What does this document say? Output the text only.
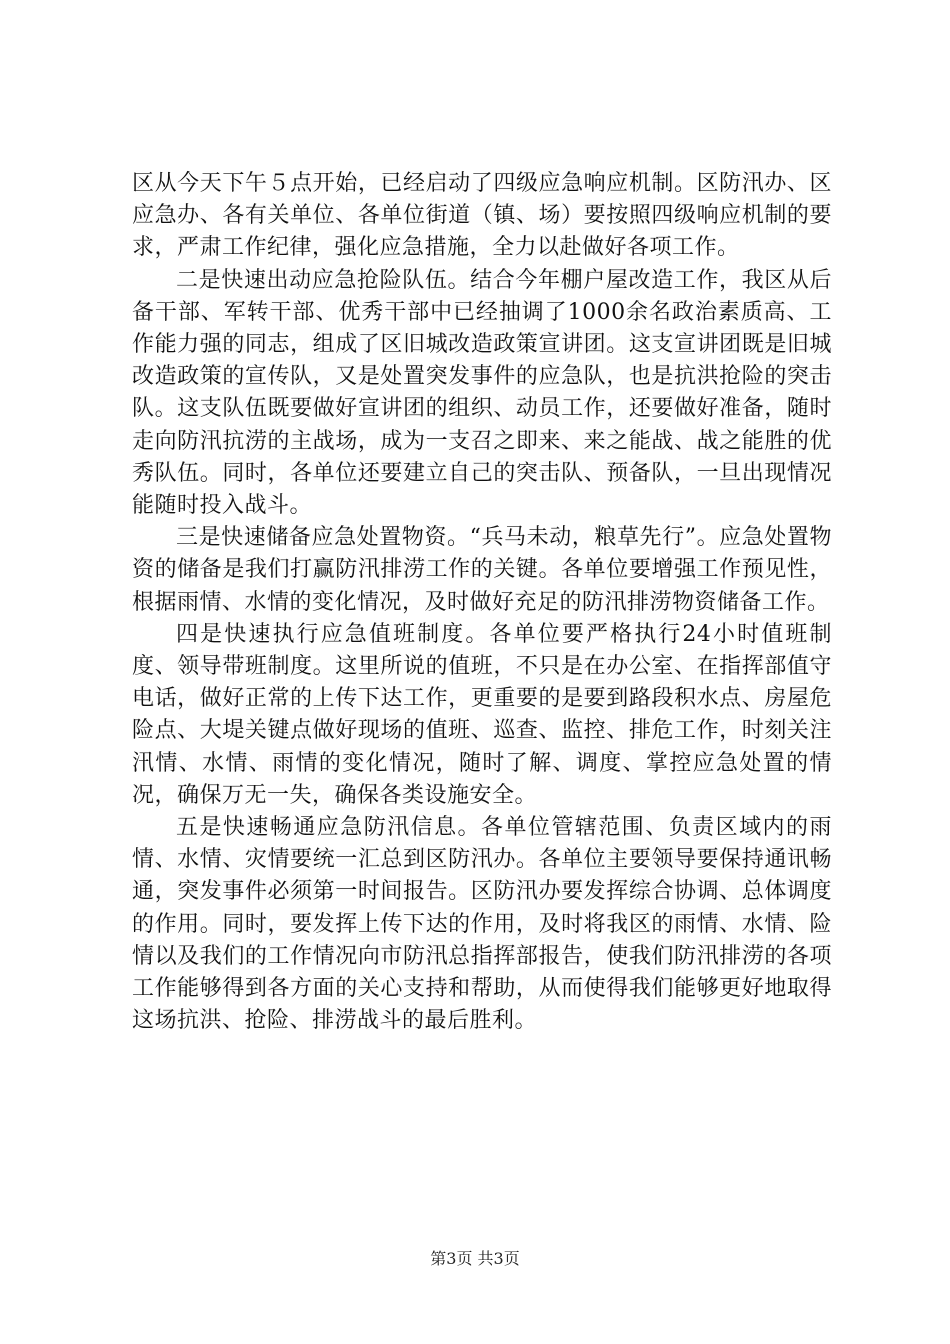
区从今天下午５点开始，已经启动了四级应急响应机制。区防汛办、区应急办、各有关单位、各单位街道（镇、场）要按照四级响应机制的要求，严肃工作纪律，强化应急措施，全力以赴做好各项工作。

二是快速出动应急抢险队伍。结合今年棚户屋改造工作，我区从后备干部、军转干部、优秀干部中已经抽调了1000余名政治素质高、工作能力强的同志，组成了区旧城改造政策宣讲团。这支宣讲团既是旧城改造政策的宣传队，又是处置突发事件的应急队，也是抗洪抢险的突击队。这支队伍既要做好宣讲团的组织、动员工作，还要做好准备，随时走向防汛抗涝的主战场，成为一支召之即来、来之能战、战之能胜的优秀队伍。同时，各单位还要建立自己的突击队、预备队，一旦出现情况能随时投入战斗。

三是快速储备应急处置物资。“兵马未动，粮草先行”。应急处置物资的储备是我们打赢防汛排涝工作的关键。各单位要增强工作预见性，根据雨情、水情的变化情况，及时做好充足的防汛排涝物资储备工作。

四是快速执行应急值班制度。各单位要严格执行24小时值班制度、领导带班制度。这里所说的值班，不只是在办公室、在指挥部值守电话，做好正常的上传下达工作，更重要的是要到路段积水点、房屋危险点、大堤关键点做好现场的值班、巡查、监控、排危工作，时刻关注汛情、水情、雨情的变化情况，随时了解、调度、掌控应急处置的情况，确保万无一失，确保各类设施安全。

五是快速畅通应急防汛信息。各单位管辖范围、负责区域内的雨情、水情、灾情要统一汇总到区防汛办。各单位主要领导要保持通讯畅通，突发事件必须第一时间报告。区防汛办要发挥综合协调、总体调度的作用。同时，要发挥上传下达的作用，及时将我区的雨情、水情、险情以及我们的工作情况向市防汛总指挥部报告，使我们防汛排涝的各项工作能够得到各方面的关心支持和帮助，从而使得我们能够更好地取得这场抗洪、抢险、排涝战斗的最后胜利。

第3页 共3页
